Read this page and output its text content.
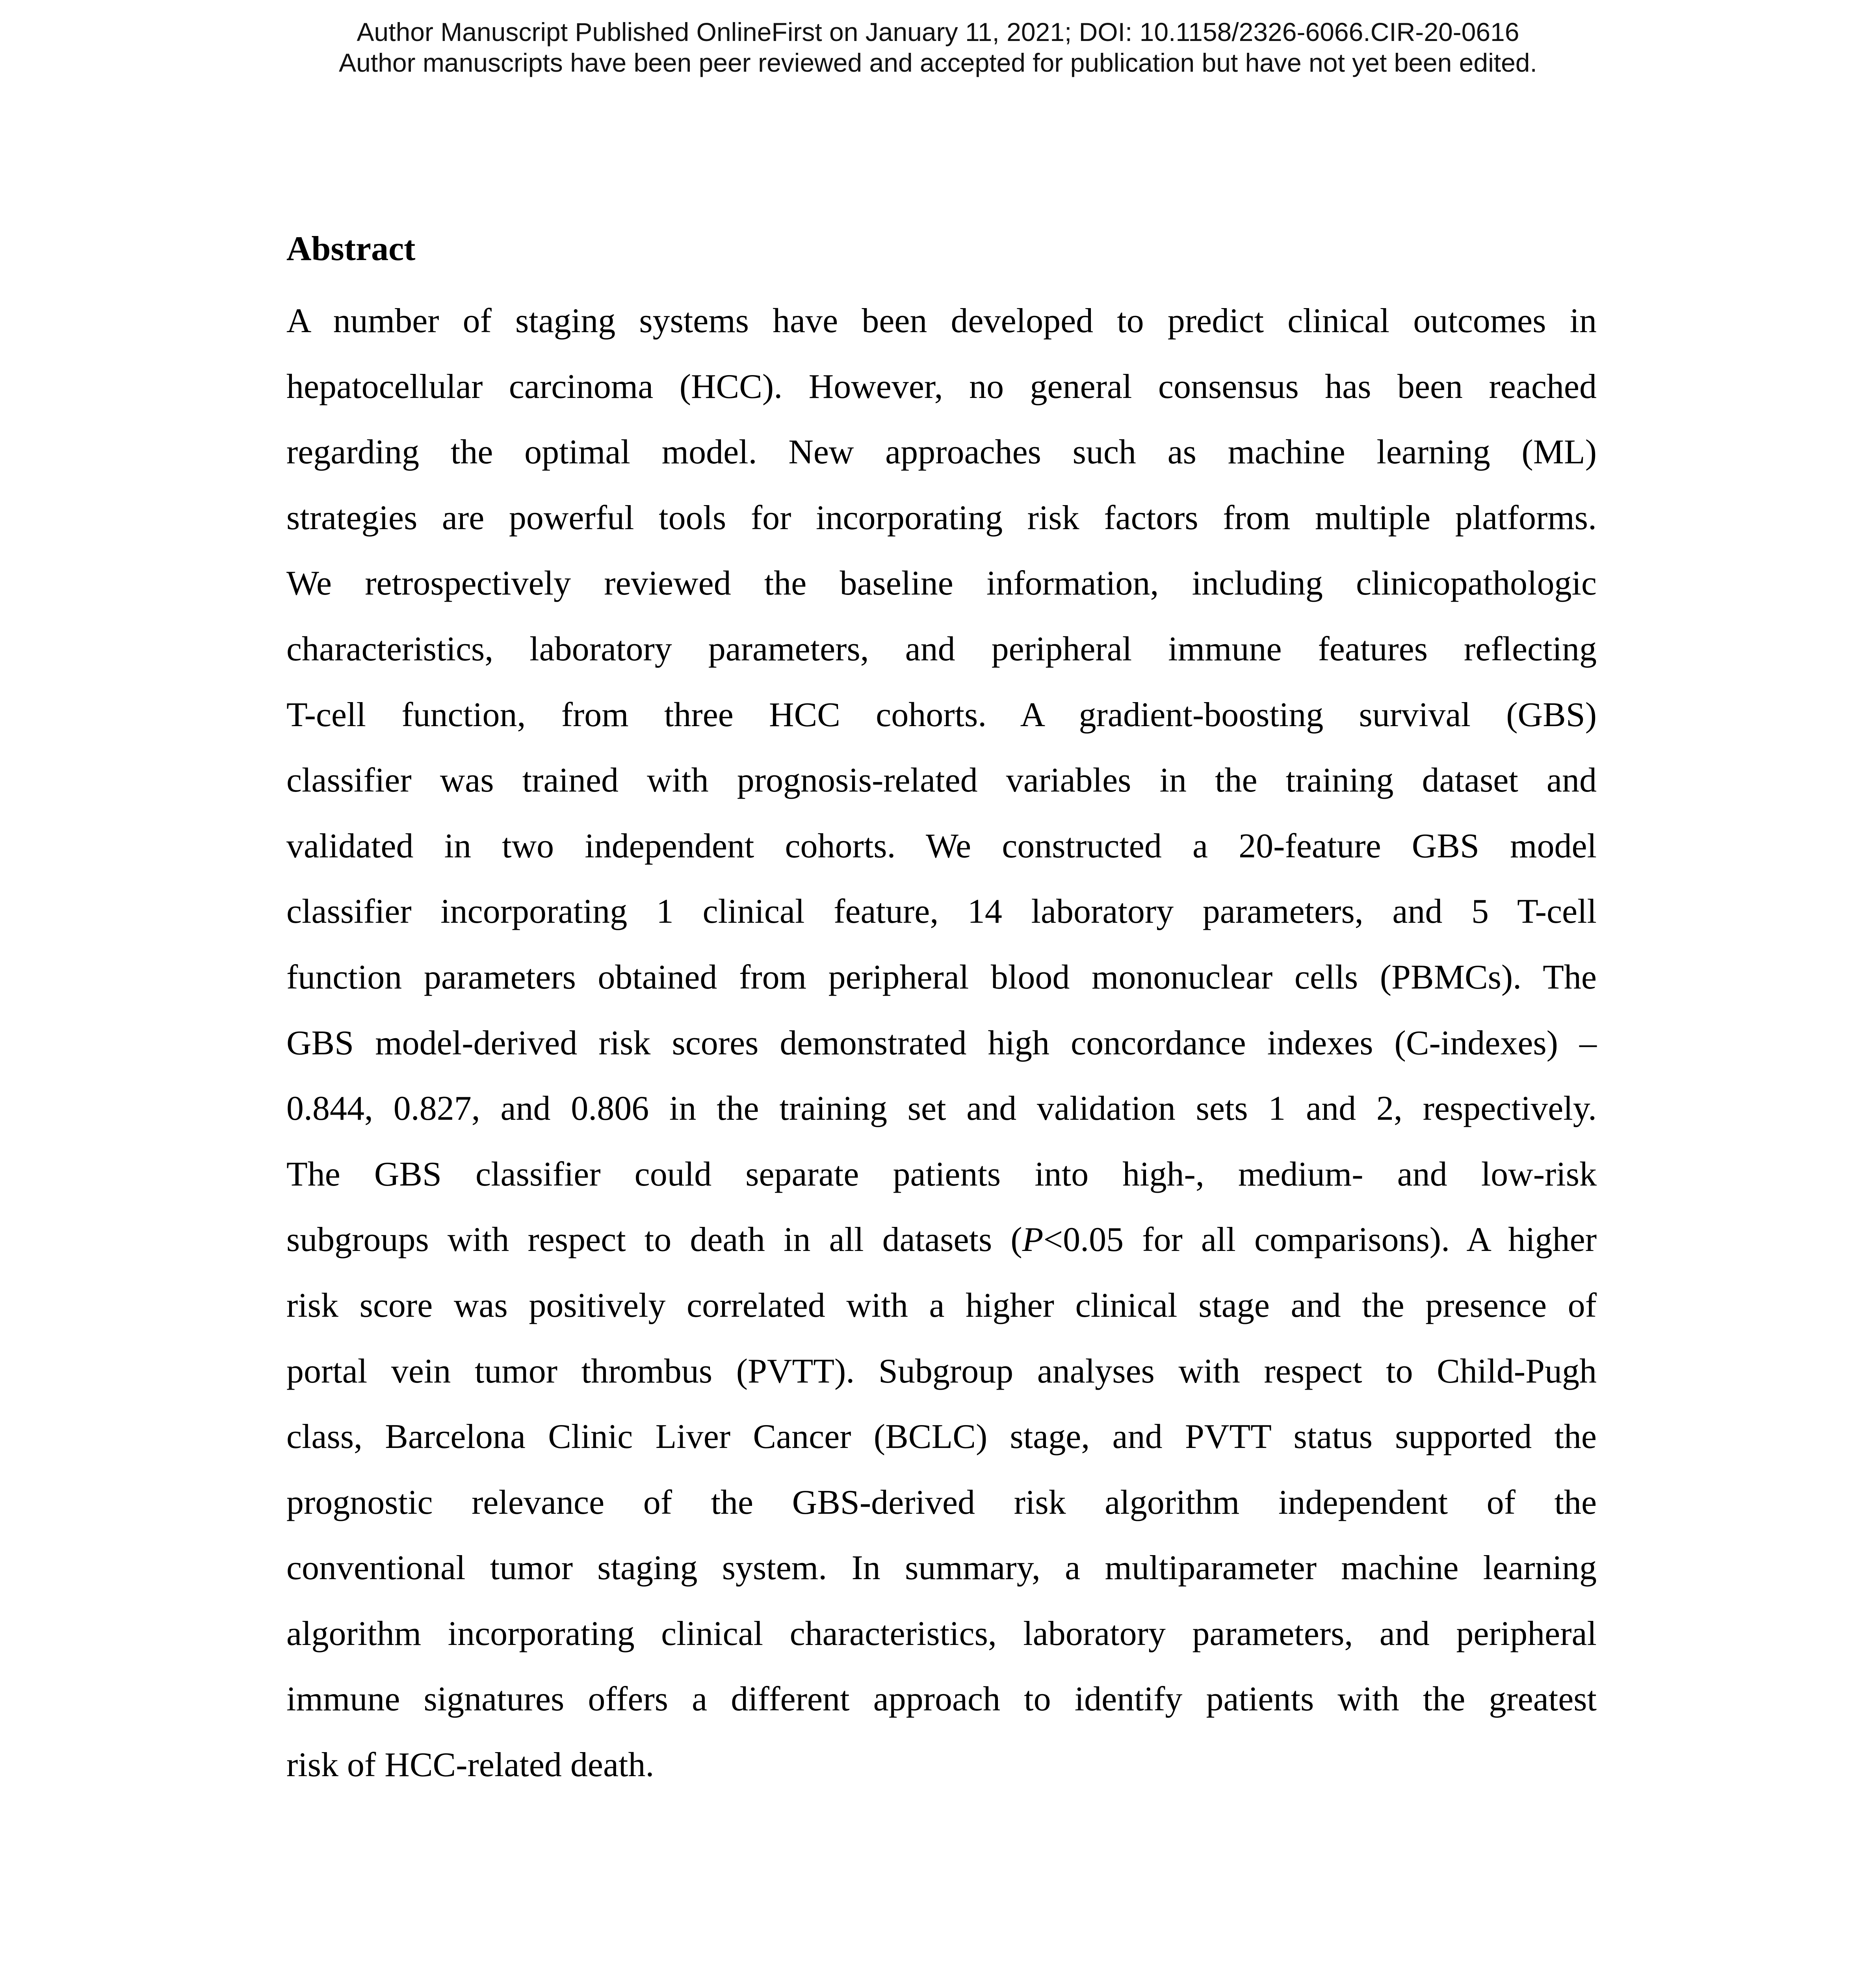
Author Manuscript Published OnlineFirst on January 11, 2021; DOI: 10.1158/2326-6066.CIR-20-0616
Author manuscripts have been peer reviewed and accepted for publication but have not yet been edited.
Abstract
A number of staging systems have been developed to predict clinical outcomes in
hepatocellular carcinoma (HCC). However, no general consensus has been reached
regarding the optimal model. New approaches such as machine learning (ML)
strategies are powerful tools for incorporating risk factors from multiple platforms.
We retrospectively reviewed the baseline information, including clinicopathologic
characteristics, laboratory parameters, and peripheral immune features reflecting
T-cell function, from three HCC cohorts. A gradient-boosting survival (GBS)
classifier was trained with prognosis-related variables in the training dataset and
validated in two independent cohorts. We constructed a 20-feature GBS model
classifier incorporating 1 clinical feature, 14 laboratory parameters, and 5 T-cell
function parameters obtained from peripheral blood mononuclear cells (PBMCs). The
GBS model-derived risk scores demonstrated high concordance indexes (C-indexes) –
0.844, 0.827, and 0.806 in the training set and validation sets 1 and 2, respectively.
The GBS classifier could separate patients into high-, medium- and low-risk
subgroups with respect to death in all datasets (P<0.05 for all comparisons). A higher
risk score was positively correlated with a higher clinical stage and the presence of
portal vein tumor thrombus (PVTT). Subgroup analyses with respect to Child-Pugh
class, Barcelona Clinic Liver Cancer (BCLC) stage, and PVTT status supported the
prognostic relevance of the GBS-derived risk algorithm independent of the
conventional tumor staging system. In summary, a multiparameter machine learning
algorithm incorporating clinical characteristics, laboratory parameters, and peripheral
immune signatures offers a different approach to identify patients with the greatest
risk of HCC-related death.
